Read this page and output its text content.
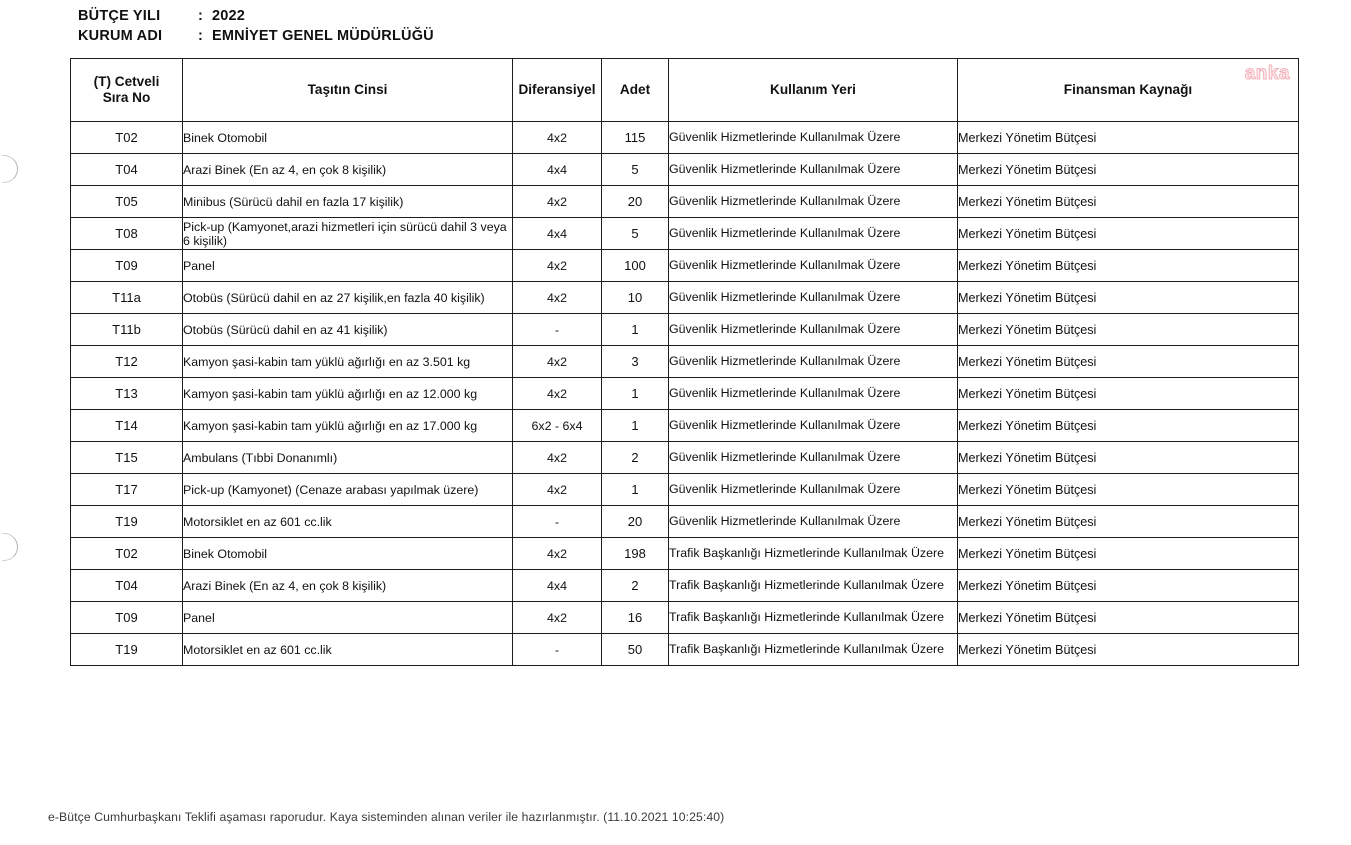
BÜTÇE YILI	: 2022
KURUM ADI	: EMNİYET GENEL MÜDÜRLÜĞÜ
anka
(T) Cetveli
Sıra No	Taşıtın Cinsi	Diferansiyel	Adet	Kullanım Yeri	Finansman Kaynağı
T02	Binek Otomobil	4x2	115	Güvenlik Hizmetlerinde Kullanılmak Üzere	Merkezi Yönetim Bütçesi
T04	Arazi Binek (En az 4, en çok 8 kişilik)	4x4	5	Güvenlik Hizmetlerinde Kullanılmak Üzere	Merkezi Yönetim Bütçesi
T05	Minibus (Sürücü dahil en fazla 17 kişilik)	4x2	20	Güvenlik Hizmetlerinde Kullanılmak Üzere	Merkezi Yönetim Bütçesi
T08	Pick-up (Kamyonet,arazi hizmetleri için sürücü dahil 3 veya 6 kişilik)	4x4	5	Güvenlik Hizmetlerinde Kullanılmak Üzere	Merkezi Yönetim Bütçesi
T09	Panel	4x2	100	Güvenlik Hizmetlerinde Kullanılmak Üzere	Merkezi Yönetim Bütçesi
T11a	Otobüs (Sürücü dahil en az 27 kişilik,en fazla 40 kişilik)	4x2	10	Güvenlik Hizmetlerinde Kullanılmak Üzere	Merkezi Yönetim Bütçesi
T11b	Otobüs (Sürücü dahil en az 41 kişilik)	-	1	Güvenlik Hizmetlerinde Kullanılmak Üzere	Merkezi Yönetim Bütçesi
T12	Kamyon şasi-kabin tam yüklü ağırlığı en az 3.501 kg	4x2	3	Güvenlik Hizmetlerinde Kullanılmak Üzere	Merkezi Yönetim Bütçesi
T13	Kamyon şasi-kabin tam yüklü ağırlığı en az 12.000 kg	4x2	1	Güvenlik Hizmetlerinde Kullanılmak Üzere	Merkezi Yönetim Bütçesi
T14	Kamyon şasi-kabin tam yüklü ağırlığı en az 17.000 kg	6x2 - 6x4	1	Güvenlik Hizmetlerinde Kullanılmak Üzere	Merkezi Yönetim Bütçesi
T15	Ambulans (Tıbbi Donanımlı)	4x2	2	Güvenlik Hizmetlerinde Kullanılmak Üzere	Merkezi Yönetim Bütçesi
T17	Pick-up (Kamyonet) (Cenaze arabası yapılmak üzere)	4x2	1	Güvenlik Hizmetlerinde Kullanılmak Üzere	Merkezi Yönetim Bütçesi
T19	Motorsiklet en az 601 cc.lik	-	20	Güvenlik Hizmetlerinde Kullanılmak Üzere	Merkezi Yönetim Bütçesi
T02	Binek Otomobil	4x2	198	Trafik Başkanlığı Hizmetlerinde Kullanılmak Üzere	Merkezi Yönetim Bütçesi
T04	Arazi Binek (En az 4, en çok 8 kişilik)	4x4	2	Trafik Başkanlığı Hizmetlerinde Kullanılmak Üzere	Merkezi Yönetim Bütçesi
T09	Panel	4x2	16	Trafik Başkanlığı Hizmetlerinde Kullanılmak Üzere	Merkezi Yönetim Bütçesi
T19	Motorsiklet en az 601 cc.lik	-	50	Trafik Başkanlığı Hizmetlerinde Kullanılmak Üzere	Merkezi Yönetim Bütçesi
e-Bütçe Cumhurbaşkanı Teklifi aşaması raporudur. Kaya sisteminden alınan veriler ile hazırlanmıştır. (11.10.2021 10:25:40)
